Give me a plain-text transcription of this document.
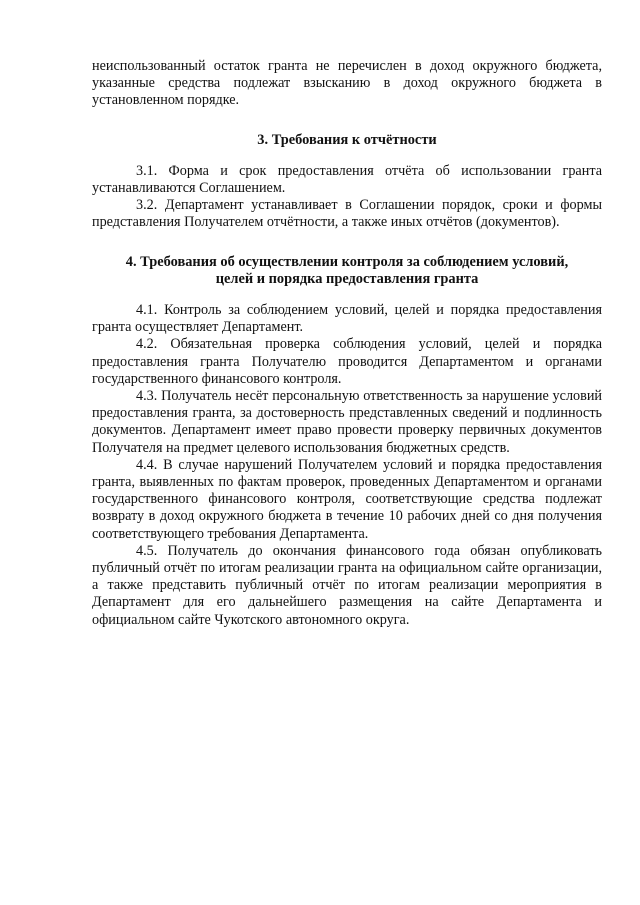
неиспользованный остаток гранта не перечислен в доход окружного бюджета, указанные средства подлежат взысканию в доход окружного бюджета в установленном порядке.

3. Требования к отчётности

3.1. Форма и срок предоставления отчёта об использовании гранта устанавливаются Соглашением.

3.2. Департамент устанавливает в Соглашении порядок, сроки и формы представления Получателем отчётности, а также иных отчётов (документов).

4. Требования об осуществлении контроля за соблюдением условий,
целей и порядка предоставления гранта

4.1. Контроль за соблюдением условий, целей и порядка предоставления гранта осуществляет Департамент.

4.2. Обязательная проверка соблюдения условий, целей и порядка предоставления гранта Получателю проводится Департаментом и органами государственного финансового контроля.

4.3. Получатель несёт персональную ответственность за нарушение условий предоставления гранта, за достоверность представленных сведений и подлинность документов. Департамент имеет право провести проверку первичных документов Получателя на предмет целевого использования бюджетных средств.

4.4. В случае нарушений Получателем условий и порядка предоставления гранта, выявленных по фактам проверок, проведенных Департаментом и органами государственного финансового контроля, соответствующие средства подлежат возврату в доход окружного бюджета в течение 10 рабочих дней со дня получения соответствующего требования Департамента.

4.5. Получатель до окончания финансового года обязан опубликовать публичный отчёт по итогам реализации гранта на официальном сайте организации, а также представить публичный отчёт по итогам реализации мероприятия в Департамент для его дальнейшего размещения на сайте Департамента и официальном сайте Чукотского автономного округа.
